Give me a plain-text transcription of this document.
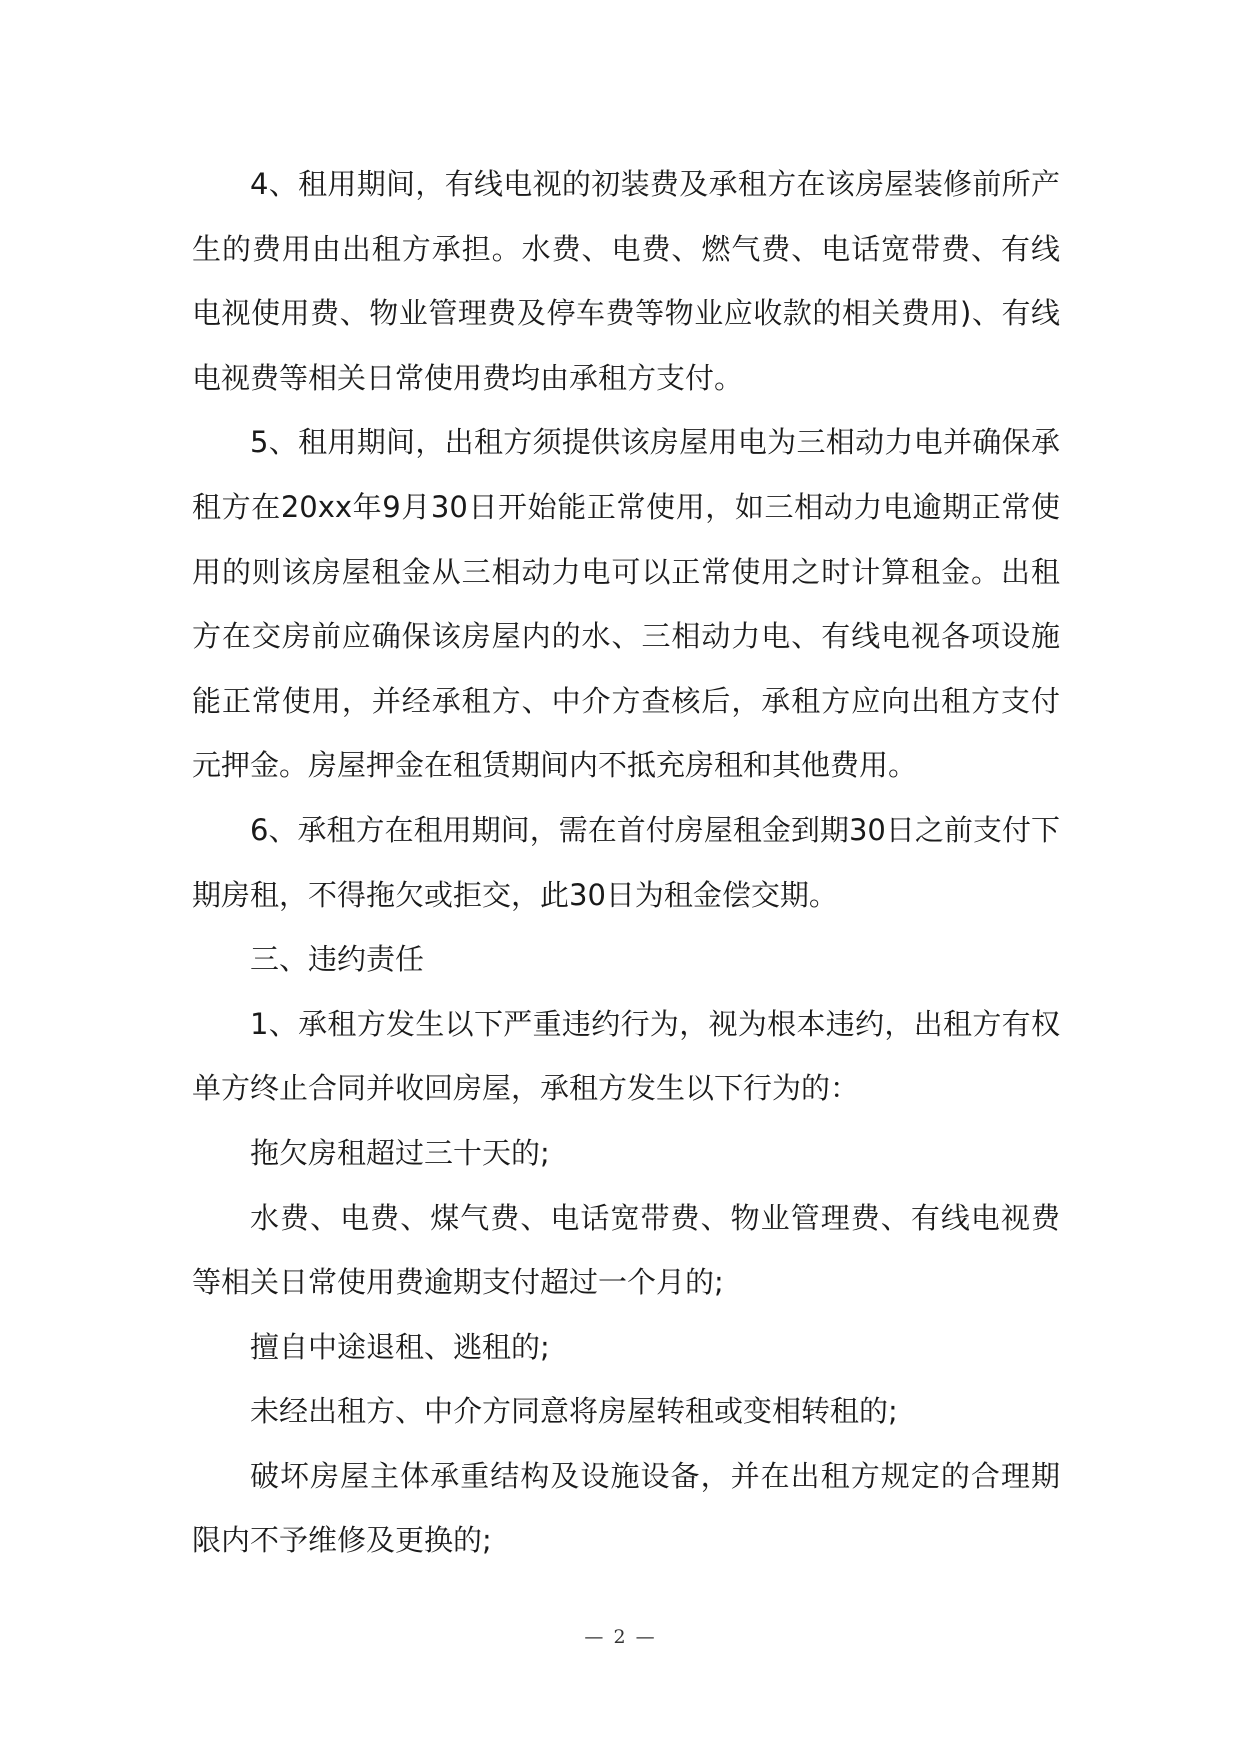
4、租用期间，有线电视的初装费及承租方在该房屋装修前所产生的费用由出租方承担。水费、电费、燃气费、电话宽带费、有线电视使用费、物业管理费及停车费等物业应收款的相关费用)、有线电视费等相关日常使用费均由承租方支付。

5、租用期间，出租方须提供该房屋用电为三相动力电并确保承租方在20xx年9月30日开始能正常使用，如三相动力电逾期正常使用的则该房屋租金从三相动力电可以正常使用之时计算租金。出租方在交房前应确保该房屋内的水、三相动力电、有线电视各项设施能正常使用，并经承租方、中介方查核后，承租方应向出租方支付元押金。房屋押金在租赁期间内不抵充房租和其他费用。

6、承租方在租用期间，需在首付房屋租金到期30日之前支付下期房租，不得拖欠或拒交，此30日为租金偿交期。

三、违约责任

1、承租方发生以下严重违约行为，视为根本违约，出租方有权单方终止合同并收回房屋，承租方发生以下行为的：

拖欠房租超过三十天的;

水费、电费、煤气费、电话宽带费、物业管理费、有线电视费等相关日常使用费逾期支付超过一个月的;

擅自中途退租、逃租的;

未经出租方、中介方同意将房屋转租或变相转租的;

破坏房屋主体承重结构及设施设备，并在出租方规定的合理期限内不予维修及更换的;

— 2 —
